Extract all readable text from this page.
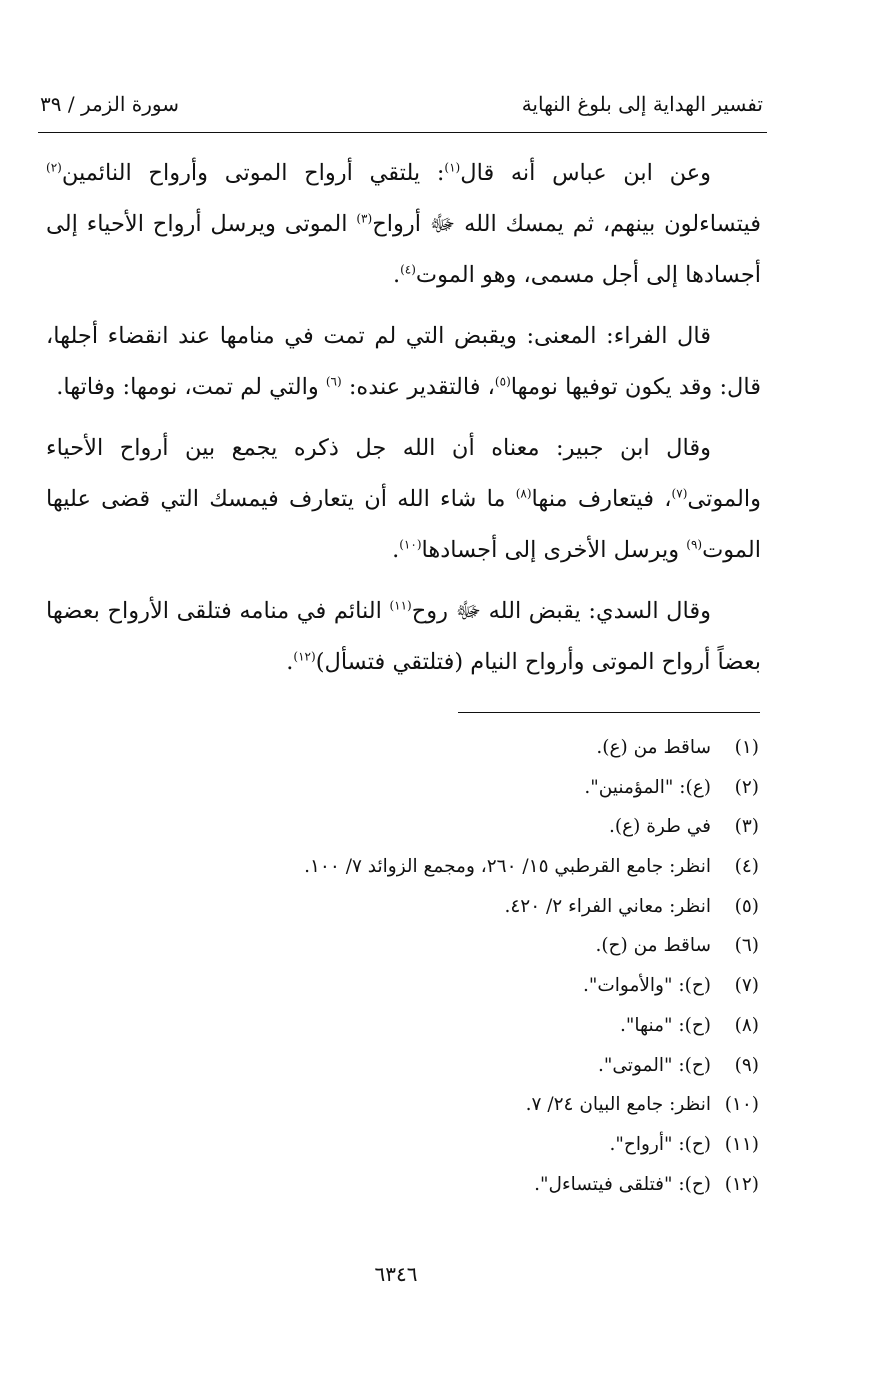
تفسير الهداية إلى بلوغ النهاية
سورة الزمر / ٣٩

وعن ابن عباس أنه قال$^{(١)}$: يلتقي أرواح الموتى وأرواح النائمين$^{(٢)}$ فيتساءلون بينهم، ثم يمسك الله ﷻ أرواح$^{(٣)}$ الموتى ويرسل أرواح الأحياء إلى أجسادها إلى أجل مسمى، وهو الموت$^{(٤)}$.

قال الفراء: المعنى: ويقبض التي لم تمت في منامها عند انقضاء أجلها، قال: وقد يكون توفيها نومها$^{(٥)}$، فالتقدير عنده: $^{(٦)}$ والتي لم تمت، نومها: وفاتها.

وقال ابن جبير: معناه أن الله جل ذكره يجمع بين أرواح الأحياء والموتى$^{(٧)}$، فيتعارف منها$^{(٨)}$ ما شاء الله أن يتعارف فيمسك التي قضى عليها الموت$^{(٩)}$ ويرسل الأخرى إلى أجسادها$^{(١٠)}$.

وقال السدي: يقبض الله ﷻ روح$^{(١١)}$ النائم في منامه فتلقى الأرواح بعضها بعضاً أرواح الموتى وأرواح النيام (فتلتقي فتسأل)$^{(١٢)}$.

(١)ساقط من (ع).
(٢)(ع): "المؤمنين".
(٣)في طرة (ع).
(٤)انظر: جامع القرطبي ١٥/ ٢٦٠، ومجمع الزوائد ٧/ ١٠٠.
(٥)انظر: معاني الفراء ٢/ ٤٢٠.
(٦)ساقط من (ح).
(٧)(ح): "والأموات".
(٨)(ح): "منها".
(٩)(ح): "الموتى".
(١٠)انظر: جامع البيان ٢٤/ ٧.
(١١)(ح): "أرواح".
(١٢)(ح): "فتلقى فيتساءل".
٦٣٤٦
